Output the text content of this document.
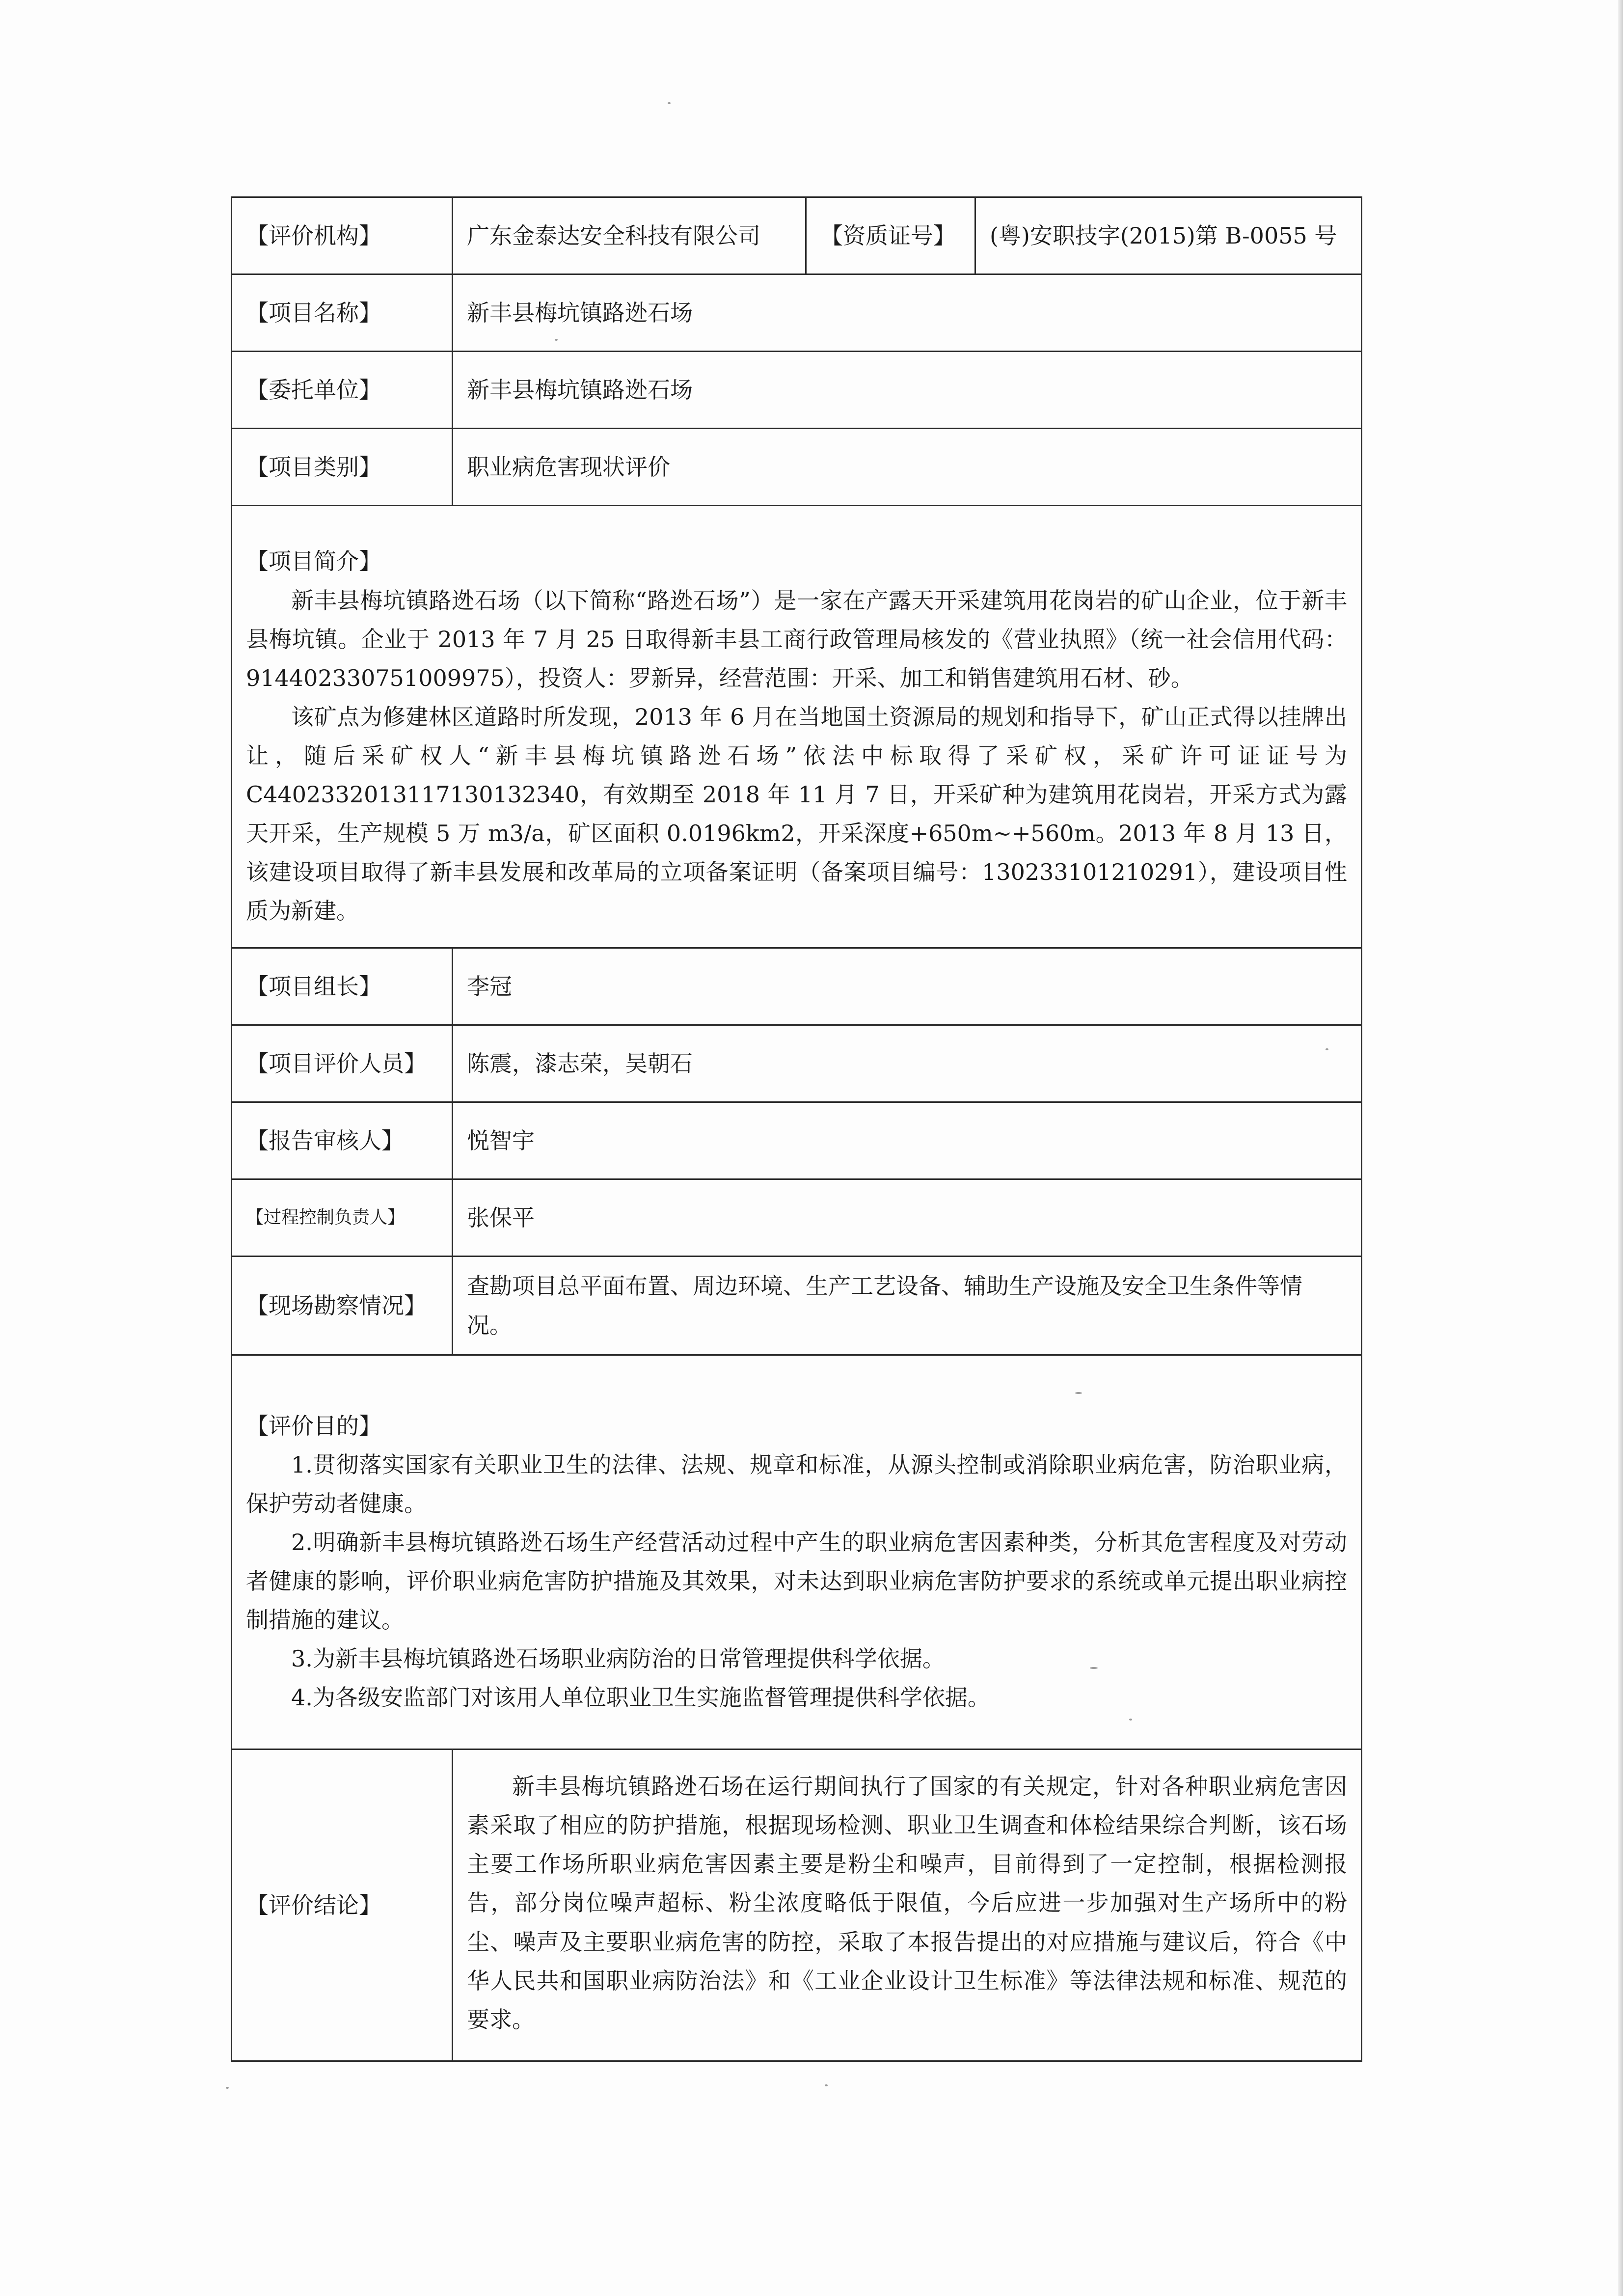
【评价机构】	广东金泰达安全科技有限公司	【资质证号】	(粤)安职技字(2015)第 B-0055 号
【项目名称】	新丰县梅坑镇路迯石场		
【委托单位】	新丰县梅坑镇路迯石场		
【项目类别】	职业病危害现状评价		

【项目简介】

新丰县梅坑镇路迯石场（以下简称“路迯石场”）是一家在产露天开采建筑用花岗岩的矿山企业，位于新丰县梅坑镇。企业于 2013 年 7 月 25 日取得新丰县工商行政管理局核发的《营业执照》（统一社会信用代码：914402330751009975），投资人：罗新异，经营范围：开采、加工和销售建筑用石材、砂。

该矿点为修建林区道路时所发现，2013 年 6 月在当地国土资源局的规划和指导下，矿山正式得以挂牌出让，随后采矿权人“新丰县梅坑镇路迯石场”依法中标取得了采矿权，采矿许可证证号为 C4402332013117130132340，有效期至 2018 年 11 月 7 日，开采矿种为建筑用花岗岩，开采方式为露天开采，生产规模 5 万 m3/a，矿区面积 0.0196km2，开采深度+650m~+560m。2013 年 8 月 13 日，该建设项目取得了新丰县发展和改革局的立项备案证明（备案项目编号：130233101210291），建设项目性质为新建。			

【项目组长】	李冠		
【项目评价人员】	陈震，漆志荣，吴朝石		
【报告审核人】	悦智宇		
【过程控制负责人】	张保平		
【现场勘察情况】	查勘项目总平面布置、周边环境、生产工艺设备、辅助生产设施及安全卫生条件等情况。		

【评价目的】

1.贯彻落实国家有关职业卫生的法律、法规、规章和标准，从源头控制或消除职业病危害，防治职业病，保护劳动者健康。

2.明确新丰县梅坑镇路迯石场生产经营活动过程中产生的职业病危害因素种类，分析其危害程度及对劳动者健康的影响，评价职业病危害防护措施及其效果，对未达到职业病危害防护要求的系统或单元提出职业病控制措施的建议。

3.为新丰县梅坑镇路迯石场职业病防治的日常管理提供科学依据。

4.为各级安监部门对该用人单位职业卫生实施监督管理提供科学依据。			

【评价结论】	新丰县梅坑镇路迯石场在运行期间执行了国家的有关规定，针对各种职业病危害因素采取了相应的防护措施，根据现场检测、职业卫生调查和体检结果综合判断，该石场主要工作场所职业病危害因素主要是粉尘和噪声，目前得到了一定控制，根据检测报告，部分岗位噪声超标、粉尘浓度略低于限值，今后应进一步加强对生产场所中的粉尘、噪声及主要职业病危害的防控，采取了本报告提出的对应措施与建议后，符合《中华人民共和国职业病防治法》和《工业企业设计卫生标准》等法律法规和标准、规范的要求。		
